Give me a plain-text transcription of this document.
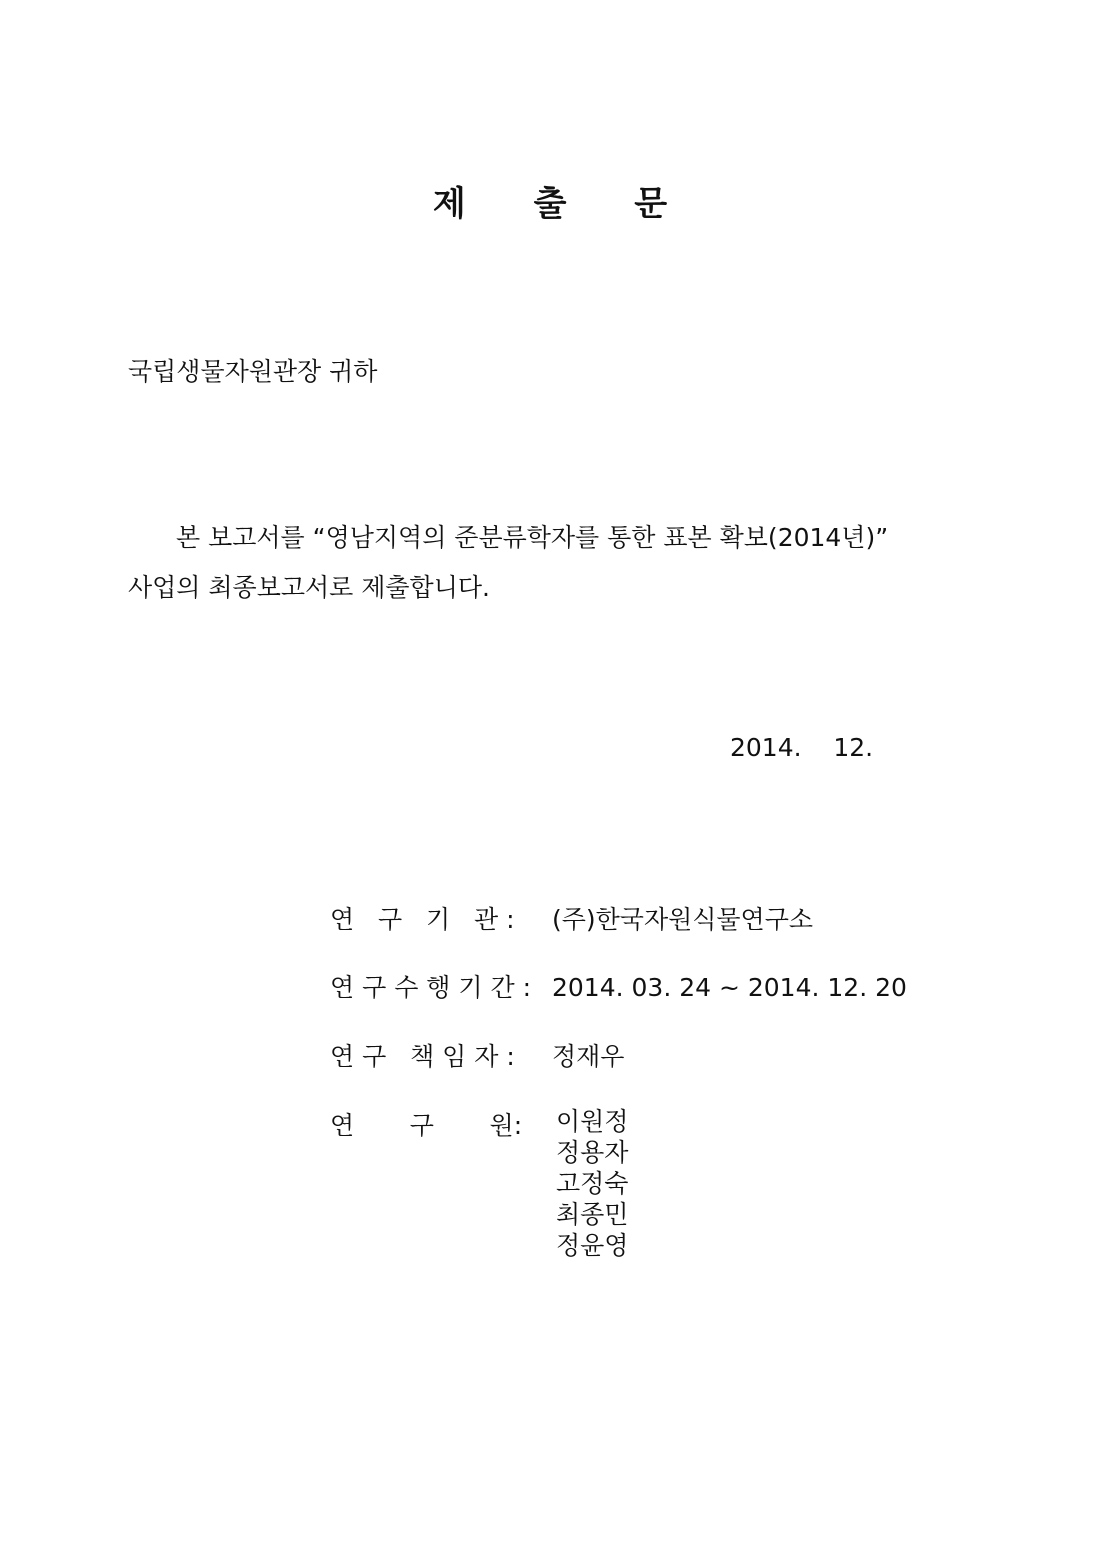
제 출 문
국립생물자원관장 귀하
본 보고서를 “영남지역의 준분류학자를 통한 표본 확보(2014년)”
사업의 최종보고서로 제출합니다.
2014.    12.
연   구   기   관 : (주)한국자원식물연구소
연 구 수 행 기 간 : 2014. 03. 24 ~ 2014. 12. 20
연 구   책 임 자 : 정재우
연       구       원:	이원정
정용자
고정숙
최종민
정윤영
